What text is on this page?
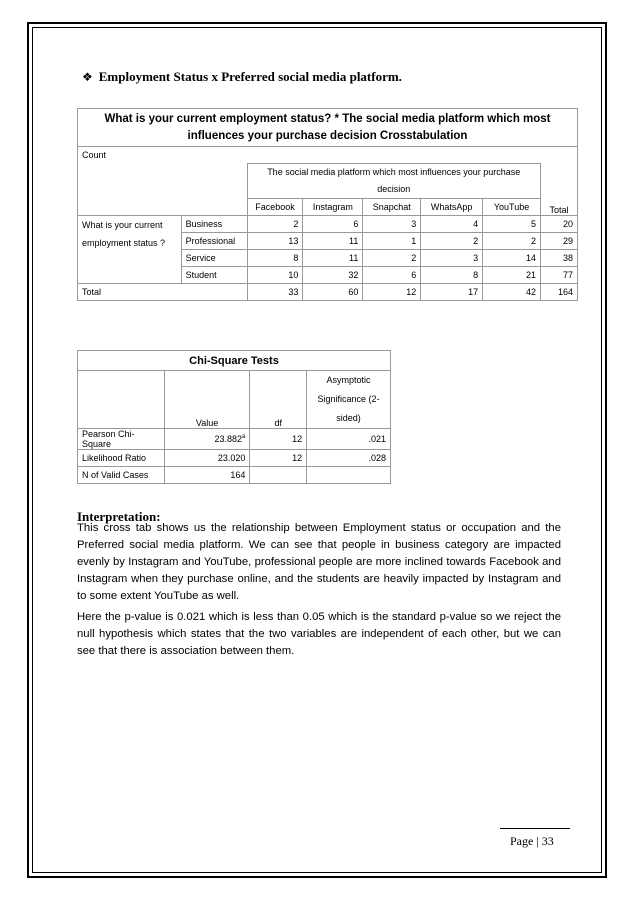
❖ Employment Status x Preferred social media platform.
What is your current employment status? * The social media platform which most influences your purchase decision Crosstabulation							
Count							
		The social media platform which most influences your purchase decision					Total
		Facebook	Instagram	Snapchat	WhatsApp	YouTube	
What is your current employment status ?	Business	2	6	3	4	5	20
	Professional	13	11	1	2	2	29
	Service	8	11	2	3	14	38
	Student	10	32	6	8	21	77
Total		33	60	12	17	42	164
Chi-Square Tests			
	Value	df	Asymptotic Significance (2-sided)

Pearson Chi-Square	23.882$^a$	12	.021
Likelihood Ratio	23.020	12	.028
N of Valid Cases	164		
Interpretation:

This cross tab shows us the relationship between Employment status or occupation and the Preferred social media platform. We can see that people in business category are impacted evenly by Instagram and YouTube, professional people are more inclined towards Facebook and Instagram when they purchase online, and the students are heavily impacted by Instagram and to some extent YouTube as well.

Here the p-value is 0.021 which is less than 0.05 which is the standard p-value so we reject the null hypothesis which states that the two variables are independent of each other, but we can see that there is association between them.

Page | 33
